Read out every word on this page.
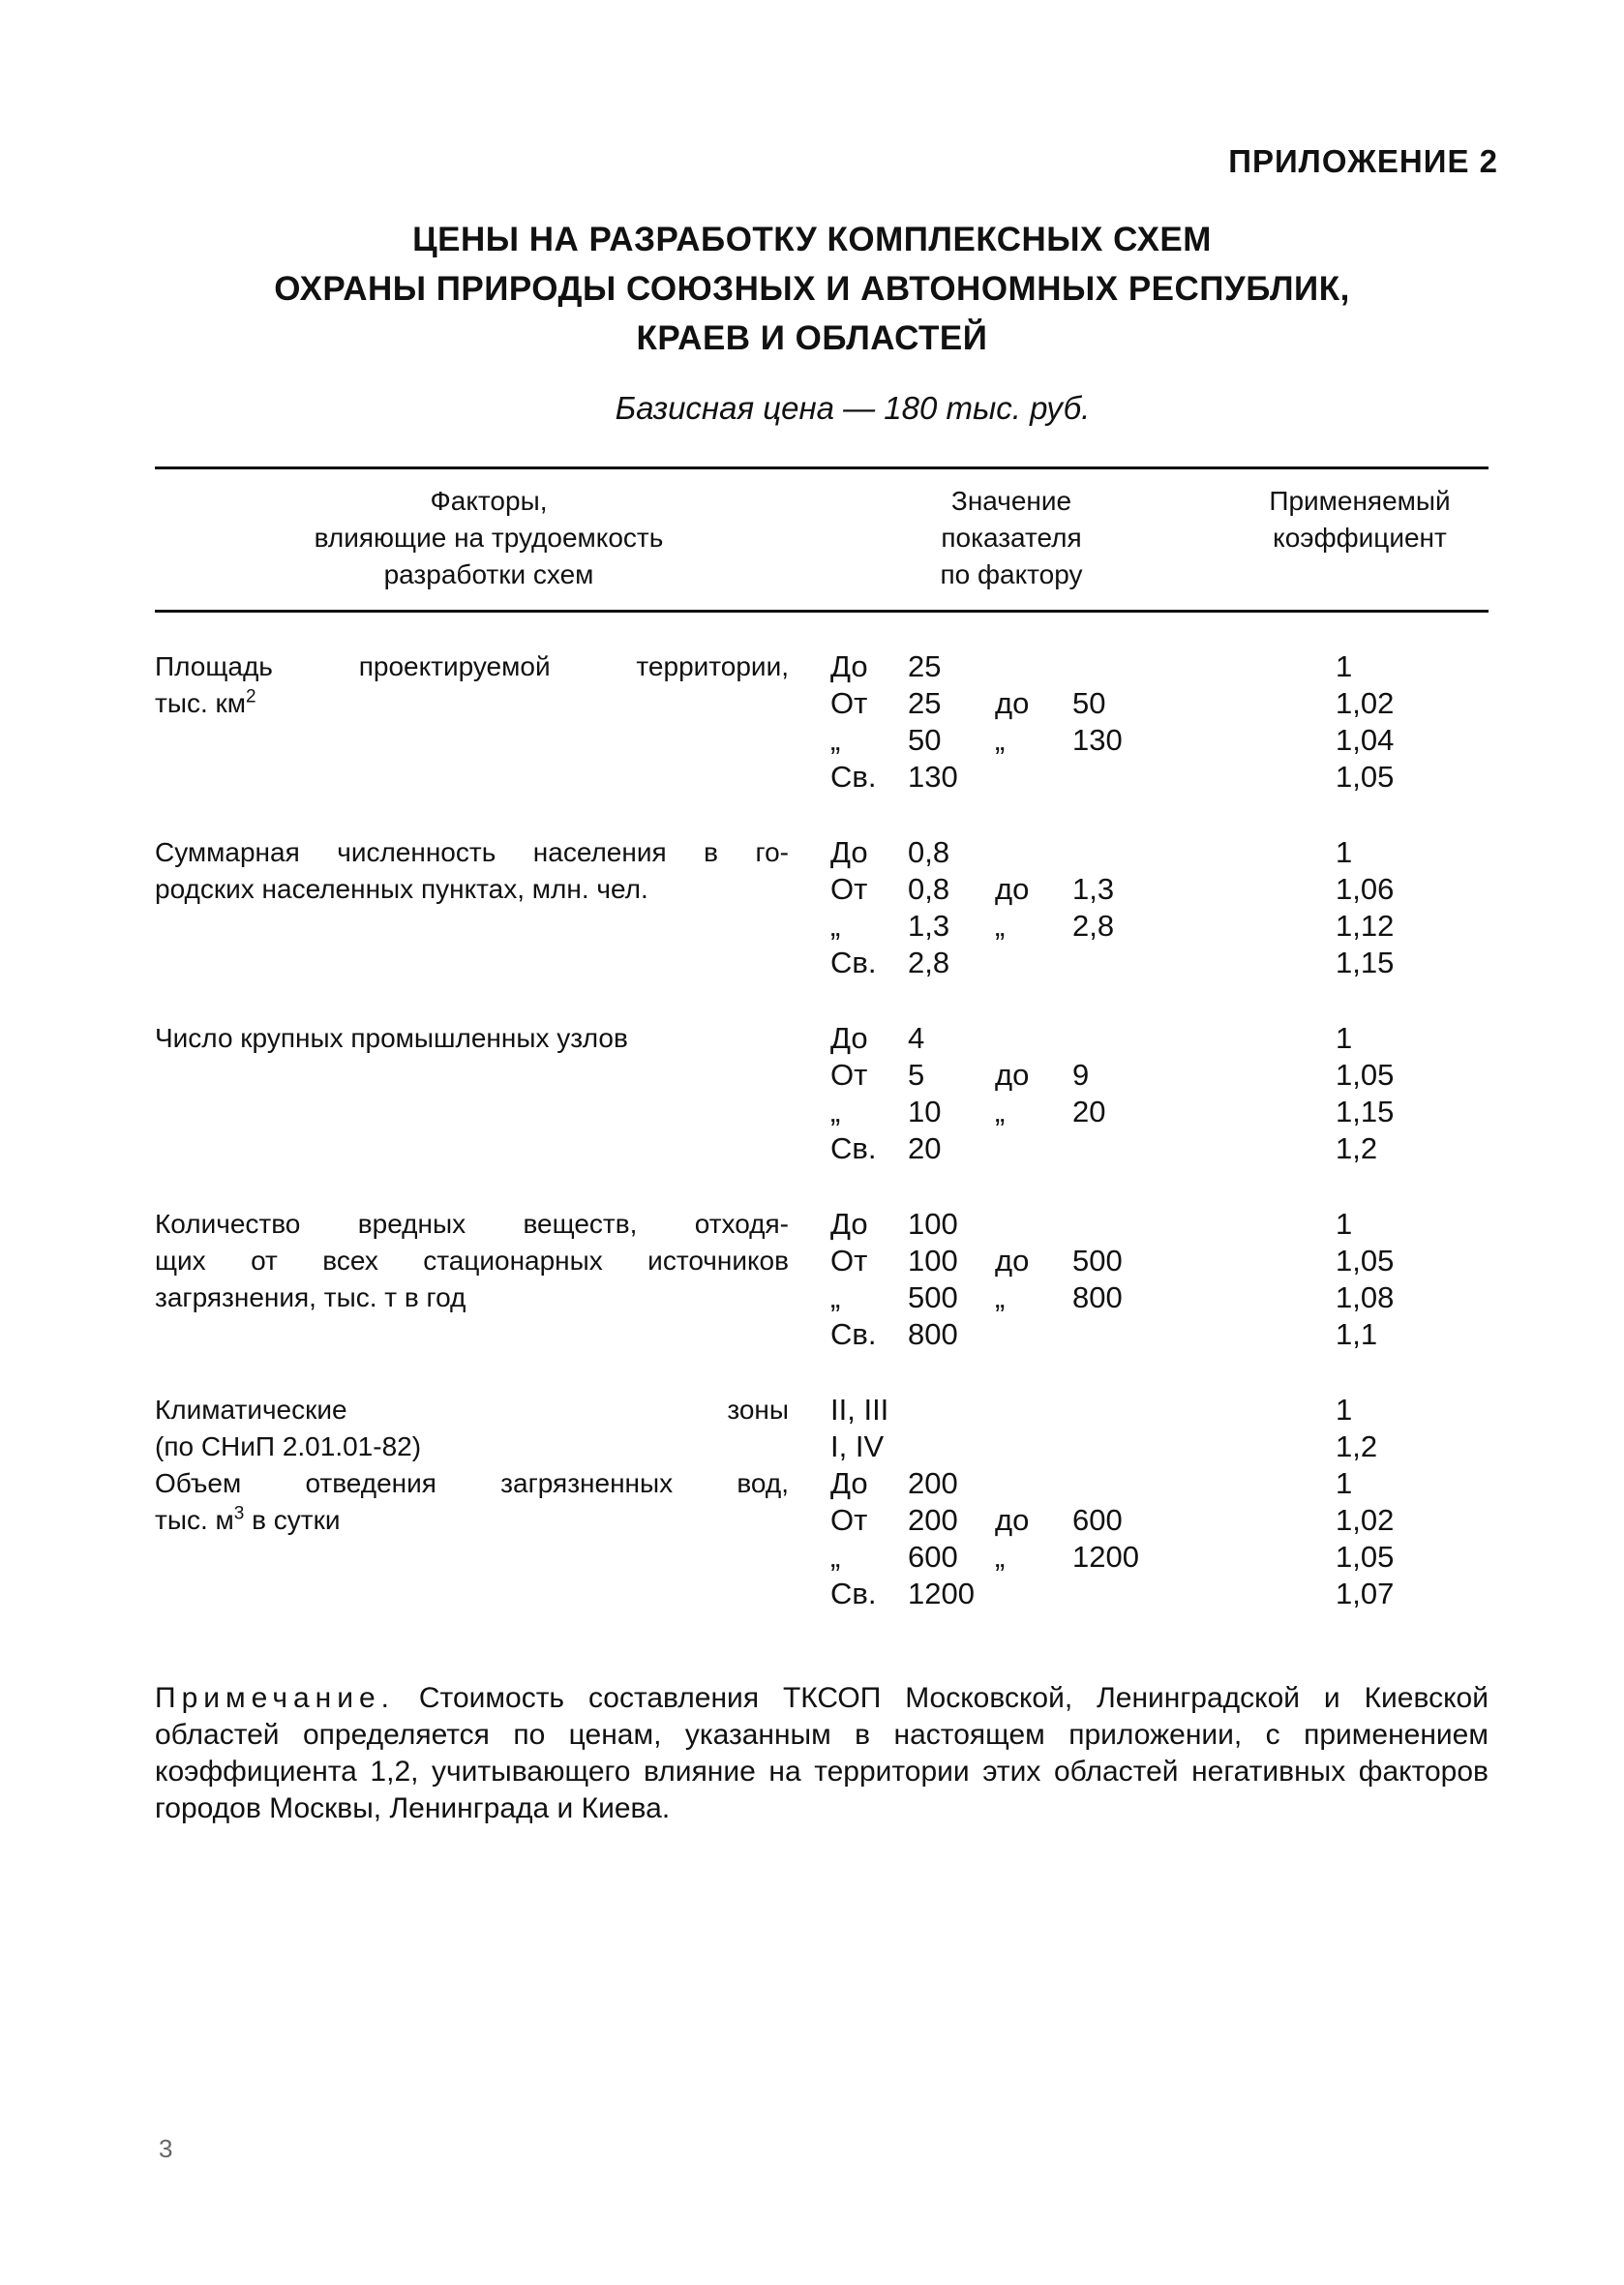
ПРИЛОЖЕНИЕ 2
ЦЕНЫ НА РАЗРАБОТКУ КОМПЛЕКСНЫХ СХЕМ
ОХРАНЫ ПРИРОДЫ СОЮЗНЫХ И АВТОНОМНЫХ РЕСПУБЛИК,
КРАЕВ И ОБЛАСТЕЙ
Базисная цена — 180 тыс. руб.
Факторы,
влияющие на трудоемкость
разработки схем
Значение
показателя
по фактору
Применяемый
коэффициент

Площадь проектируемой территории,

тыс. $км^2$

До 25
От 25 до 50
„ 50 „ 130
Св. 130
1
1,02
1,04
1,05

Суммарная численность населения в го-

родских населенных пунктах, млн. чел.

До 0,8
От 0,8 до 1,3
„ 1,3 „ 2,8
Св. 2,8
1
1,06
1,12
1,15

Число крупных промышленных узлов	До 4
От 5 до 9
„ 10 „ 20
Св. 20
1
1,05
1,15
1,2

Количество вредных веществ, отходя-

щих от всех стационарных источников

загрязнения, тыс. т в год

До 100
От 100 до 500
„ 500 „ 800
Св. 800
1
1,05
1,08
1,1

Климатические зоны

(по СНиП 2.01.01-82)

II, III
I, IV
1
1,2

Объем отведения загрязненных вод,

тыс. $м^3$ в сутки

До 200
От 200 до 600
„ 600 „ 1200
Св. 1200
1
1,02
1,05
1,07
Примечание. Стоимость составления ТКСОП Московской, Ленинградской и Киевской областей определяется по ценам, указанным в настоящем приложении, с применением коэффициента 1,2, учитывающего влияние на территории этих областей негативных факторов городов Москвы, Ленинграда и Киева.
3
